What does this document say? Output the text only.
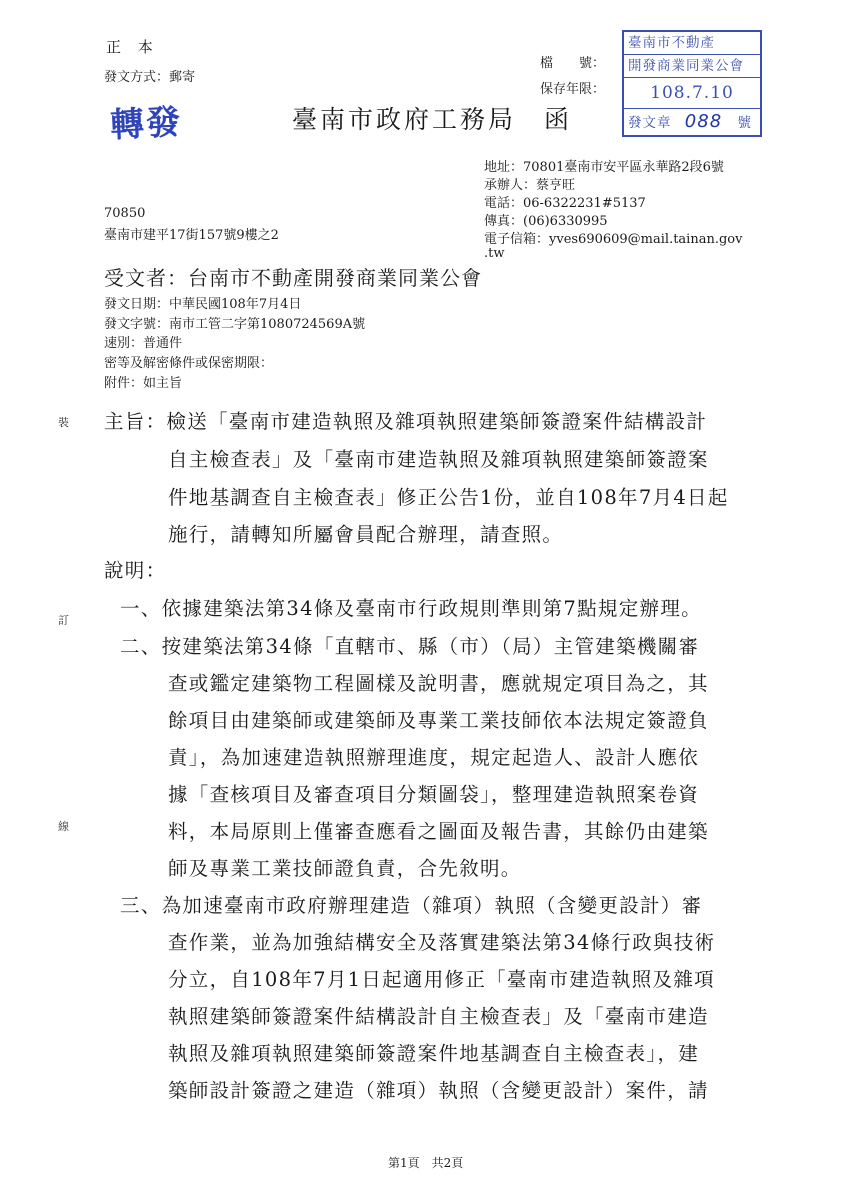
正 本
發文方式：郵寄
轉發	臺南市政府工務局　函
檔　　號：
保存年限：
臺南市不動產
開發商業同業公會
108.7.10
發文章 088 號
地址：70801臺南市安平區永華路2段6號
承辦人：蔡亨旺
電話：06-6322231#5137
傳真：(06)6330995
電子信箱：yves690609@mail.tainan.gov
.tw
70850
臺南市建平17街157號9樓之2
受文者：台南市不動產開發商業同業公會
發文日期：中華民國108年7月4日
發文字號：南市工管二字第1080724569A號
速別：普通件
密等及解密條件或保密期限：
附件：如主旨
裝
訂
線
主旨：檢送「臺南市建造執照及雜項執照建築師簽證案件結構設計
自主檢查表」及「臺南市建造執照及雜項執照建築師簽證案
件地基調查自主檢查表」修正公告1份，並自108年7月4日起
施行，請轉知所屬會員配合辦理，請查照。
說明：
一、依據建築法第34條及臺南市行政規則準則第7點規定辦理。
二、按建築法第34條「直轄市、縣（市）（局）主管建築機關審
查或鑑定建築物工程圖樣及說明書，應就規定項目為之，其
餘項目由建築師或建築師及專業工業技師依本法規定簽證負
責」，為加速建造執照辦理進度，規定起造人、設計人應依
據「查核項目及審查項目分類圖袋」，整理建造執照案卷資
料，本局原則上僅審查應看之圖面及報告書，其餘仍由建築
師及專業工業技師證負責，合先敘明。
三、為加速臺南市政府辦理建造（雜項）執照（含變更設計）審
查作業，並為加強結構安全及落實建築法第34條行政與技術
分立，自108年7月1日起適用修正「臺南市建造執照及雜項
執照建築師簽證案件結構設計自主檢查表」及「臺南市建造
執照及雜項執照建築師簽證案件地基調查自主檢查表」，建
築師設計簽證之建造（雜項）執照（含變更設計）案件，請
第1頁　共2頁
